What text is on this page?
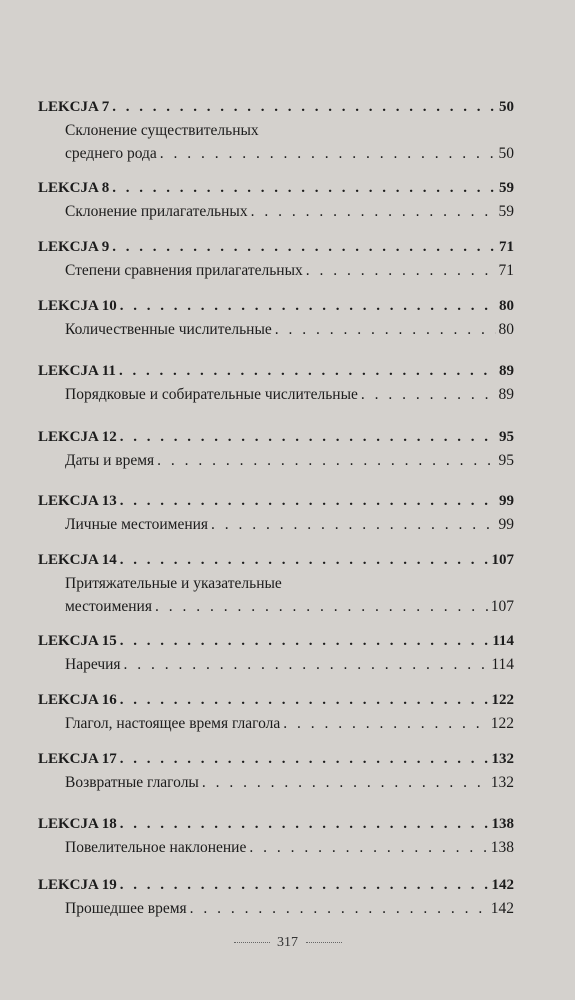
LEKCJA 7 . . .	50
Склонение существительных
среднего рода . . .	50
LEKCJA 8 . . .	59
Склонение прилагательных . . .	59
LEKCJA 9 . . .	71
Степени сравнения прилагательных . . .	71
LEKCJA 10 . . .	80
Количественные числительные . . .	80
LEKCJA 11 . . .	89
Порядковые и собирательные числительные . . .	89
LEKCJA 12 . . .	95
Даты и время . . .	95
LEKCJA 13 . . .	99
Личные местоимения . . .	99
LEKCJA 14 . . .	107
Притяжательные и указательные
местоимения . . .	107
LEKCJA 15 . . .	114
Наречия . . .	114
LEKCJA 16 . . .	122
Глагол, настоящее время глагола . . .	122
LEKCJA 17 . . .	132
Возвратные глаголы . . .	132
LEKCJA 18 . . .	138
Повелительное наклонение . . .	138
LEKCJA 19 . . .	142
Прошедшее время . . .	142
317
